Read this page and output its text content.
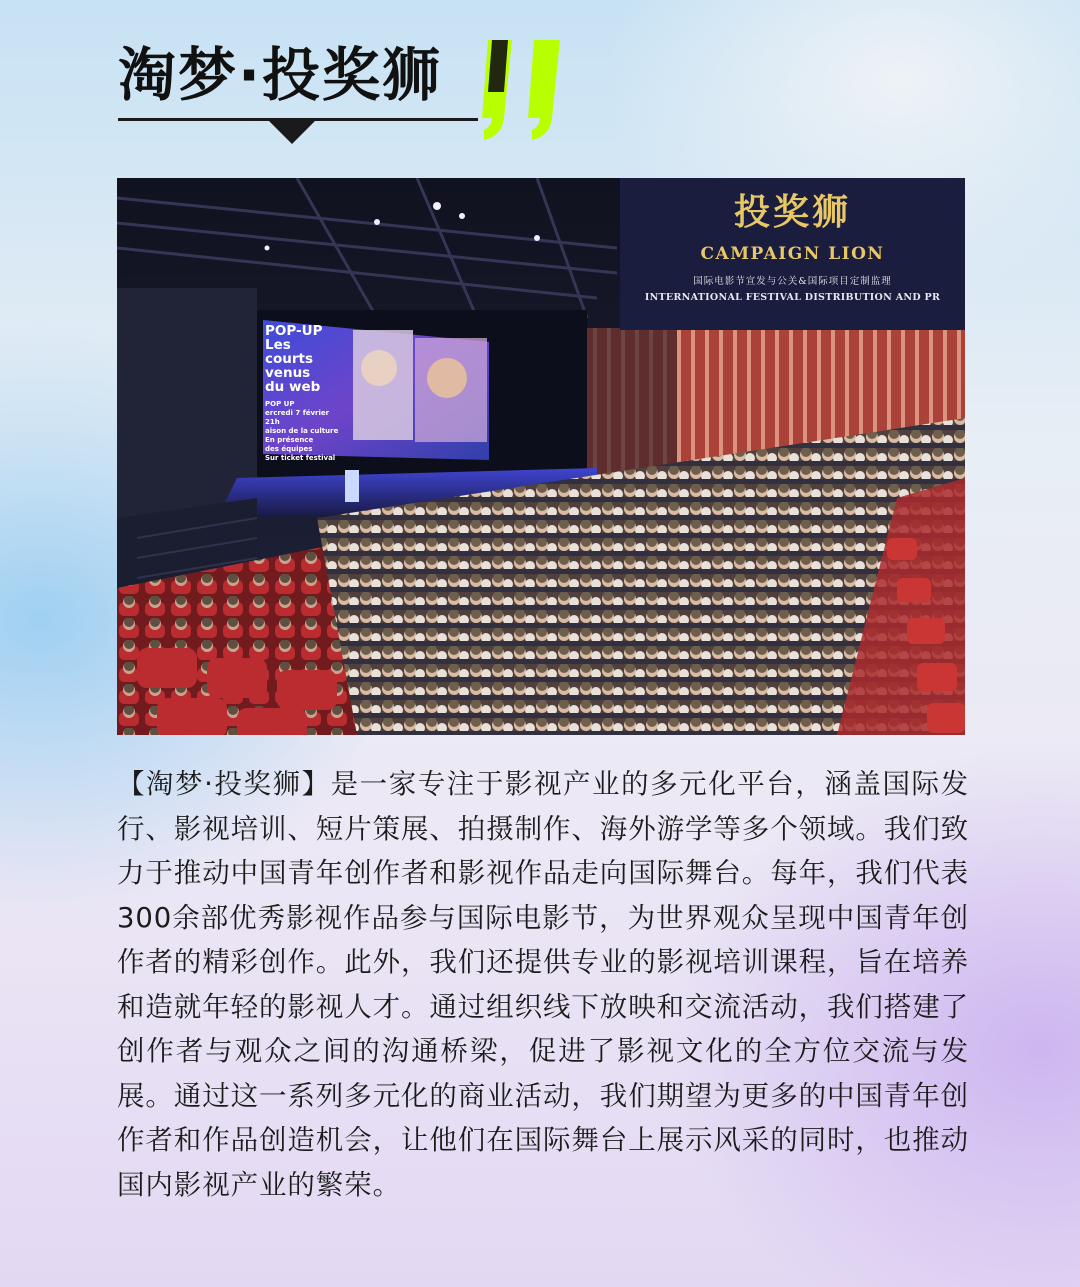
淘梦·投奖狮
POP-UP
Les
courts
venus
du web
POP UP
ercredi 7 février
21h
aison de la culture
En présence
des équipes
Sur ticket festival
投奖狮
CAMPAIGN LION
国际电影节宣发与公关&国际项目定制监理
INTERNATIONAL FESTIVAL DISTRIBUTION AND PR

【淘梦·投奖狮】是一家专注于影视产业的多元化平台，涵盖国际发行、影视培训、短片策展、拍摄制作、海外游学等多个领域。我们致力于推动中国青年创作者和影视作品走向国际舞台。每年，我们代表300余部优秀影视作品参与国际电影节，为世界观众呈现中国青年创作者的精彩创作。此外，我们还提供专业的影视培训课程，旨在培养和造就年轻的影视人才。通过组织线下放映和交流活动，我们搭建了创作者与观众之间的沟通桥梁，促进了影视文化的全方位交流与发展。通过这一系列多元化的商业活动，我们期望为更多的中国青年创作者和作品创造机会，让他们在国际舞台上展示风采的同时，也推动国内影视产业的繁荣。
